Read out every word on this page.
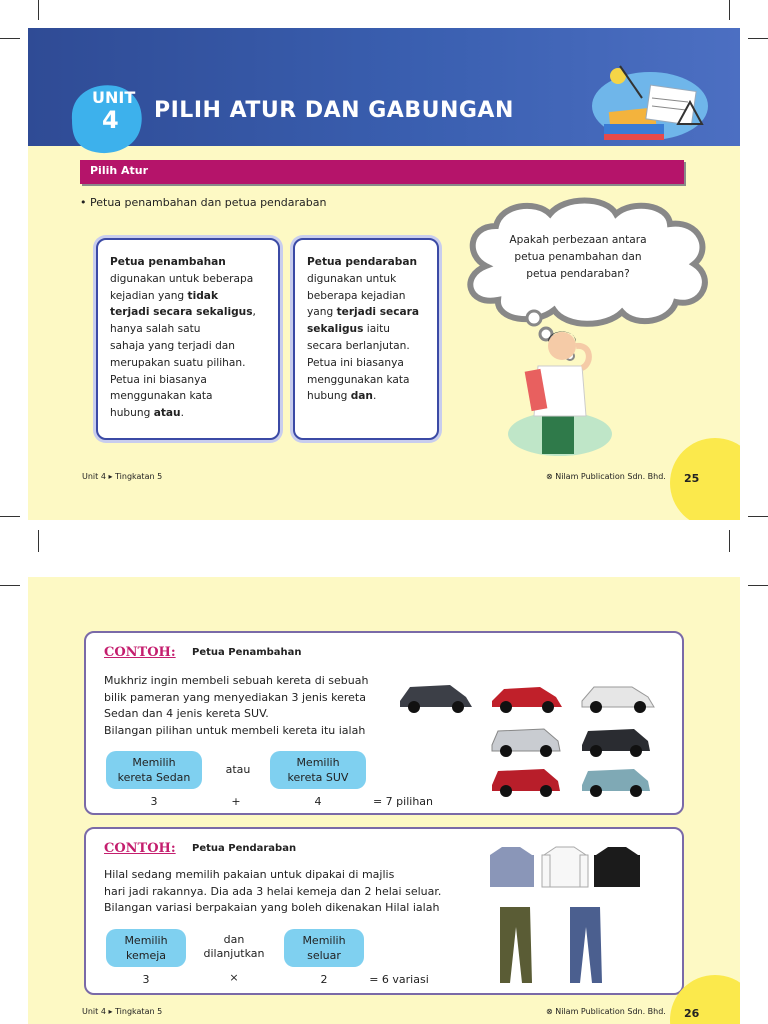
UNIT
4 PILIH ATUR DAN GABUNGAN
Pilih Atur
• Petua penambahan dan petua pendaraban
Petua penambahan
digunakan untuk beberapa
kejadian yang tidak
terjadi secara sekaligus,
hanya salah satu
sahaja yang terjadi dan
merupakan suatu pilihan.
Petua ini biasanya
menggunakan kata
hubung atau.
Petua pendaraban
digunakan untuk
beberapa kejadian
yang terjadi secara
sekaligus iaitu
secara berlanjutan.
Petua ini biasanya
menggunakan kata
hubung dan.
Apakah perbezaan antara
petua penambahan dan
petua pendaraban?
Unit 4 ▸ Tingkatan 5	⊗ Nilam Publication Sdn. Bhd. 25
CONTOH: Petua Penambahan
Mukhriz ingin membeli sebuah kereta di sebuah
bilik pameran yang menyediakan 3 jenis kereta
Sedan dan 4 jenis kereta SUV.
Bilangan pilihan untuk membeli kereta itu ialah
Memilih
kereta Sedan
atau
Memilih
kereta SUV
3	+	4	= 7 pilihan
CONTOH: Petua Pendaraban
Hilal sedang memilih pakaian untuk dipakai di majlis
hari jadi rakannya. Dia ada 3 helai kemeja dan 2 helai seluar.
Bilangan variasi berpakaian yang boleh dikenakan Hilal ialah
Memilih
kemeja
dan
dilanjutkan
Memilih
seluar
3	×	2	= 6 variasi
Unit 4 ▸ Tingkatan 5	⊗ Nilam Publication Sdn. Bhd. 26
